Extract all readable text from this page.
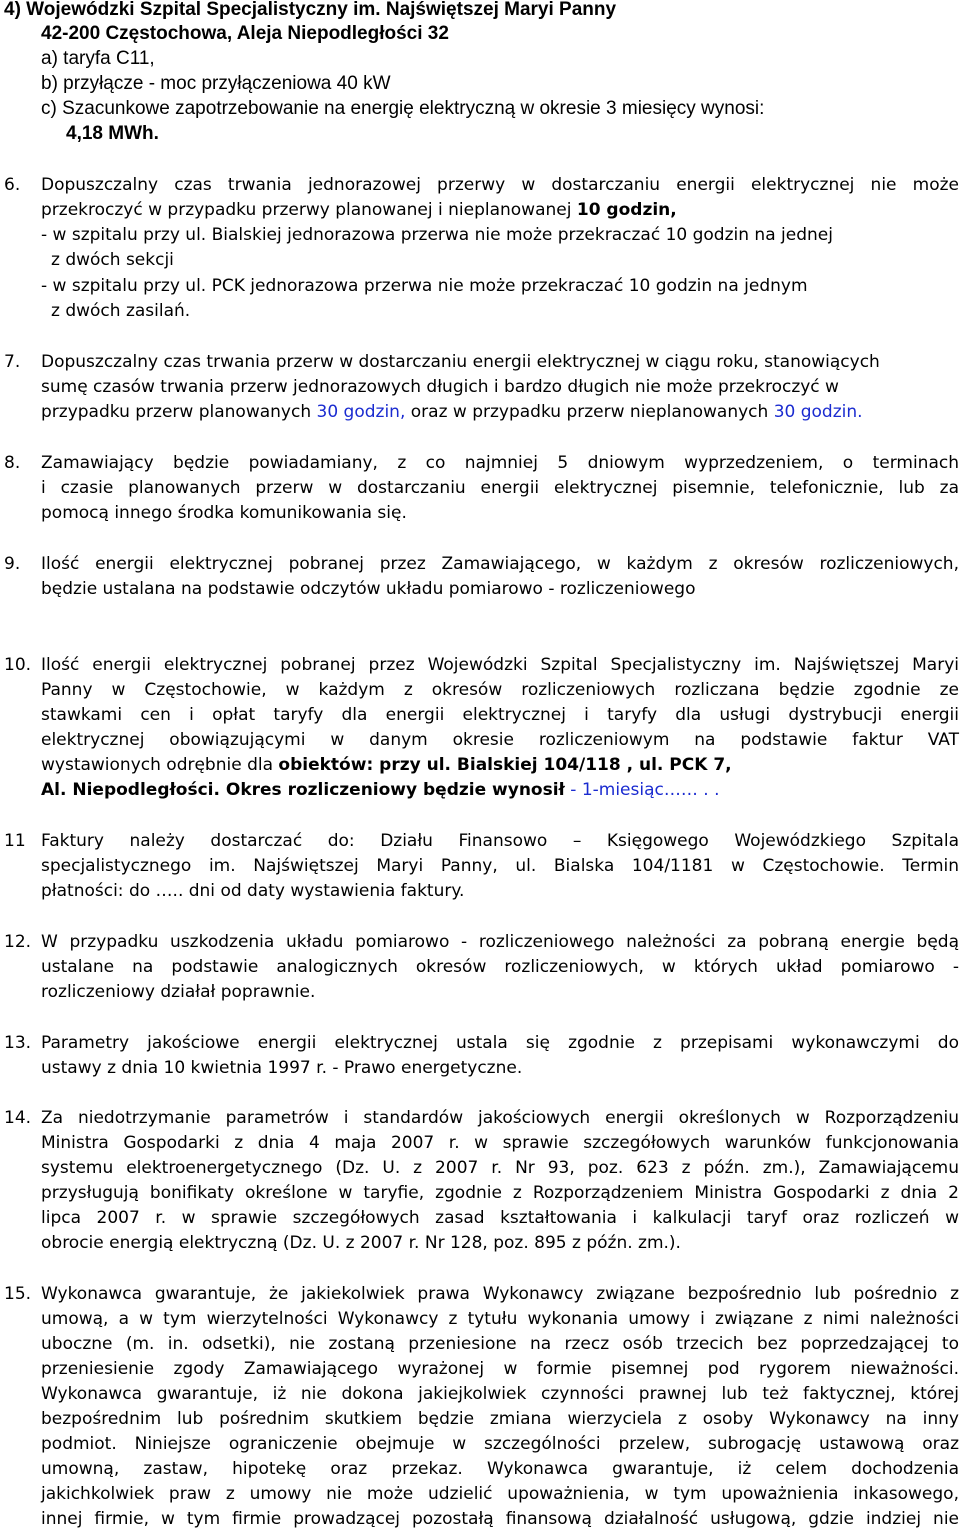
4) Wojewódzki Szpital Specjalistyczny im. Najświętszej Maryi Panny
42-200 Częstochowa, Aleja Niepodległości 32
a) taryfa C11,
b) przyłącze - moc przyłączeniowa 40 kW
c) Szacunkowe zapotrzebowanie na energię elektryczną w okresie 3 miesięcy wynosi:
4,18 MWh.
6. Dopuszczalny czas trwania jednorazowej przerwy w dostarczaniu energii elektrycznej nie może
przekroczyć w przypadku przerwy planowanej i nieplanowanej 10 godzin,
- w szpitalu przy ul. Bialskiej jednorazowa przerwa nie może przekraczać 10 godzin na jednej
z dwóch sekcji
- w szpitalu przy ul. PCK jednorazowa przerwa nie może przekraczać 10 godzin na jednym
z dwóch zasilań.
7. Dopuszczalny czas trwania przerw w dostarczaniu energii elektrycznej w ciągu roku, stanowiących
sumę czasów trwania przerw jednorazowych długich i bardzo długich nie może przekroczyć w
przypadku przerw planowanych 30 godzin, oraz w przypadku przerw nieplanowanych 30 godzin.
8. Zamawiający będzie powiadamiany, z co najmniej 5 dniowym wyprzedzeniem, o terminach
i czasie planowanych przerw w dostarczaniu energii elektrycznej pisemnie, telefonicznie, lub za
pomocą innego środka komunikowania się.
9. Ilość energii elektrycznej pobranej przez Zamawiającego, w każdym z okresów rozliczeniowych,
będzie ustalana na podstawie odczytów układu pomiarowo - rozliczeniowego
10. Ilość energii elektrycznej pobranej przez Wojewódzki Szpital Specjalistyczny im. Najświętszej Maryi
Panny w Częstochowie, w każdym z okresów rozliczeniowych rozliczana będzie zgodnie ze
stawkami cen i opłat taryfy dla energii elektrycznej i taryfy dla usługi dystrybucji energii
elektrycznej obowiązującymi w danym okresie rozliczeniowym na podstawie faktur VAT
wystawionych odrębnie dla obiektów: przy ul. Bialskiej 104/118 , ul. PCK 7,
Al. Niepodległości. Okres rozliczeniowy będzie wynosił - 1-miesiąc…… . .
11 Faktury należy dostarczać do: Działu Finansowo – Księgowego Wojewódzkiego Szpitala
specjalistycznego im. Najświętszej Maryi Panny, ul. Bialska 104/1181 w Częstochowie. Termin
płatności: do ….. dni od daty wystawienia faktury.
12. W przypadku uszkodzenia układu pomiarowo - rozliczeniowego należności za pobraną energie będą
ustalane na podstawie analogicznych okresów rozliczeniowych, w których układ pomiarowo -
rozliczeniowy działał poprawnie.
13. Parametry jakościowe energii elektrycznej ustala się zgodnie z przepisami wykonawczymi do
ustawy z dnia 10 kwietnia 1997 r. - Prawo energetyczne.
14. Za niedotrzymanie parametrów i standardów jakościowych energii określonych w Rozporządzeniu
Ministra Gospodarki z dnia 4 maja 2007 r. w sprawie szczegółowych warunków funkcjonowania
systemu elektroenergetycznego (Dz. U. z 2007 r. Nr 93, poz. 623 z późn. zm.), Zamawiającemu
przysługują bonifikaty określone w taryfie, zgodnie z Rozporządzeniem Ministra Gospodarki z dnia 2
lipca 2007 r. w sprawie szczegółowych zasad kształtowania i kalkulacji taryf oraz rozliczeń w
obrocie energią elektryczną (Dz. U. z 2007 r. Nr 128, poz. 895 z późn. zm.).
15. Wykonawca gwarantuje, że jakiekolwiek prawa Wykonawcy związane bezpośrednio lub pośrednio z
umową, a w tym wierzytelności Wykonawcy z tytułu wykonania umowy i związane z nimi należności
uboczne (m. in. odsetki), nie zostaną przeniesione na rzecz osób trzecich bez poprzedzającej to
przeniesienie zgody Zamawiającego wyrażonej w formie pisemnej pod rygorem nieważności.
Wykonawca gwarantuje, iż nie dokona jakiejkolwiek czynności prawnej lub też faktycznej, której
bezpośrednim lub pośrednim skutkiem będzie zmiana wierzyciela z osoby Wykonawcy na inny
podmiot. Niniejsze ograniczenie obejmuje w szczególności przelew, subrogację ustawową oraz
umowną, zastaw, hipotekę oraz przekaz. Wykonawca gwarantuje, iż celem dochodzenia
jakichkolwiek praw z umowy nie może udzielić upoważnienia, w tym upoważnienia inkasowego,
innej firmie, w tym firmie prowadzącej pozostałą finansową działalność usługową, gdzie indziej nie
